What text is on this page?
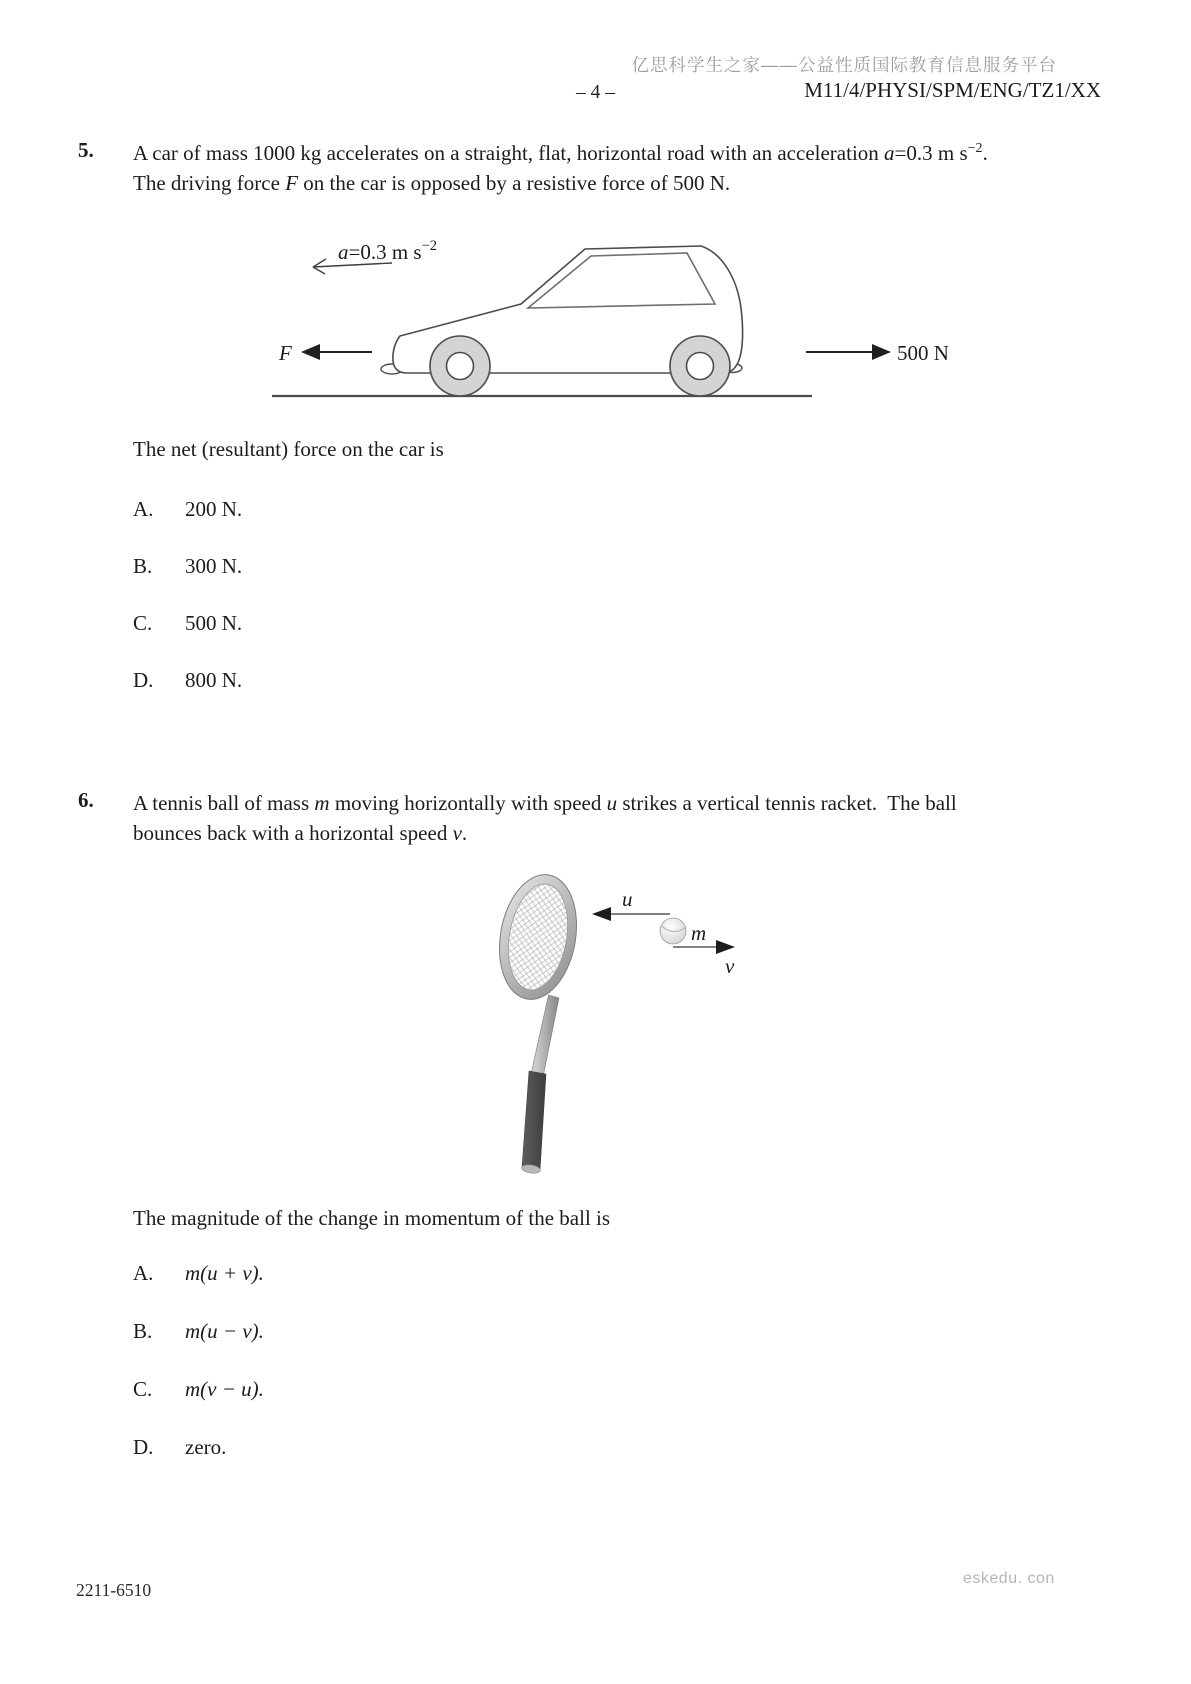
亿思科学生之家——公益性质国际教育信息服务平台
– 4 –	M11/4/PHYSI/SPM/ENG/TZ1/XX
5. A car of mass 1000 kg accelerates on a straight, flat, horizontal road with an acceleration a=0.3 m $s^{-2}$.
The driving force F on the car is opposed by a resistive force of 500 N.
a=0.3 m $s^{-2}$
F	500 N
The net (resultant) force on the car is
A.	200 N.
B.	300 N.
C.	500 N.
D.	800 N.
6. A tennis ball of mass m moving horizontally with speed u strikes a vertical tennis racket.  The ball
bounces back with a horizontal speed v.
u
m
v
The magnitude of the change in momentum of the ball is
A.	m(u + v).
B.	m(u − v).
C.	m(v − u).
D.	zero.
2211-6510
eskedu. con
